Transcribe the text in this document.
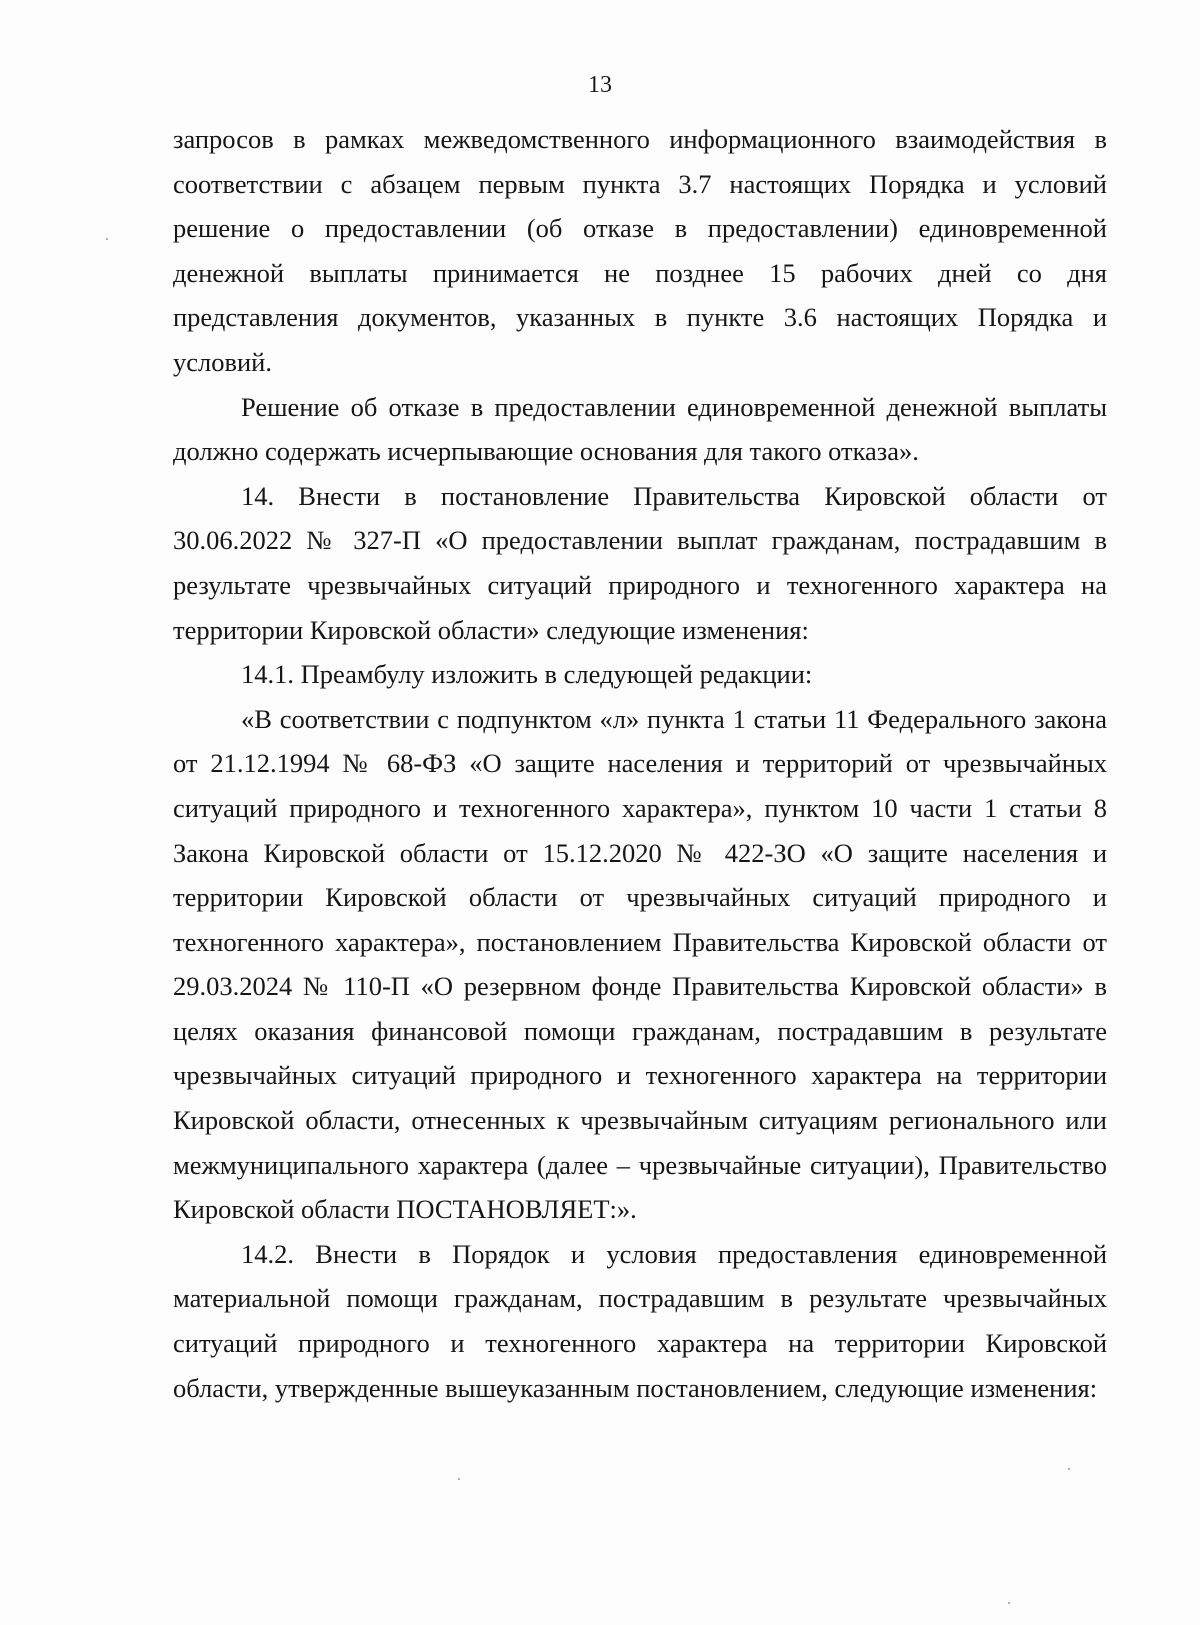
13

запросов в рамках межведомственного информационного взаимодействия в соответствии с абзацем первым пункта 3.7 настоящих Порядка и условий решение о предоставлении (об отказе в предоставлении) единовременной денежной выплаты принимается не позднее 15 рабочих дней со дня представления документов, указанных в пункте 3.6 настоящих Порядка и условий.

Решение об отказе в предоставлении единовременной денежной выплаты должно содержать исчерпывающие основания для такого отказа».

14. Внести в постановление Правительства Кировской области от 30.06.2022 № 327-П «О предоставлении выплат гражданам, пострадавшим в результате чрезвычайных ситуаций природного и техногенного характера на территории Кировской области» следующие изменения:

14.1. Преамбулу изложить в следующей редакции:

«В соответствии с подпунктом «л» пункта 1 статьи 11 Федерального закона от 21.12.1994 № 68-ФЗ «О защите населения и территорий от чрезвычайных ситуаций природного и техногенного характера», пунктом 10 части 1 статьи 8 Закона Кировской области от 15.12.2020 № 422-ЗО «О защите населения и территории Кировской области от чрезвычайных ситуаций природного и техногенного характера», постановлением Правительства Кировской области от 29.03.2024 № 110-П «О резервном фонде Правительства Кировской области» в целях оказания финансовой помощи гражданам, пострадавшим в результате чрезвычайных ситуаций природного и техногенного характера на территории Кировской области, отнесенных к чрезвычайным ситуациям регионального или межмуниципального характера (далее – чрезвычайные ситуации), Правительство Кировской области ПОСТАНОВЛЯЕТ:».

14.2. Внести в Порядок и условия предоставления единовременной материальной помощи гражданам, пострадавшим в результате чрезвычайных ситуаций природного и техногенного характера на территории Кировской области, утвержденные вышеуказанным постановлением, следующие изменения:
